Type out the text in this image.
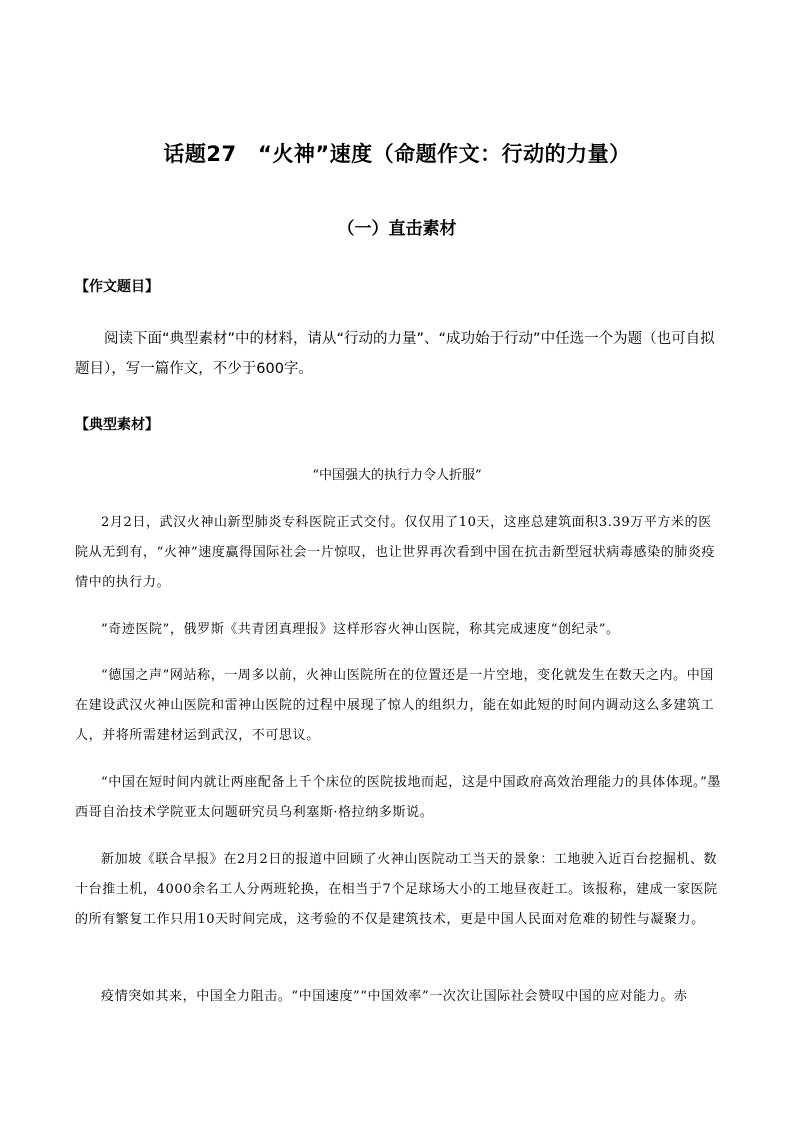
话题27　“火神”速度（命题作文：行动的力量）
（一）直击素材
【作文题目】

阅读下面“典型素材”中的材料，请从“行动的力量”、“成功始于行动”中任选一个为题（也可自拟题目），写一篇作文，不少于600字。

【典型素材】

“中国强大的执行力令人折服”

2月2日，武汉火神山新型肺炎专科医院正式交付。仅仅用了10天，这座总建筑面积3.39万平方米的医院从无到有，“火神”速度赢得国际社会一片惊叹，也让世界再次看到中国在抗击新型冠状病毒感染的肺炎疫情中的执行力。

“奇迹医院”，俄罗斯《共青团真理报》这样形容火神山医院，称其完成速度“创纪录”。

“德国之声”网站称，一周多以前，火神山医院所在的位置还是一片空地，变化就发生在数天之内。中国在建设武汉火神山医院和雷神山医院的过程中展现了惊人的组织力，能在如此短的时间内调动这么多建筑工人，并将所需建材运到武汉，不可思议。

“中国在短时间内就让两座配备上千个床位的医院拔地而起，这是中国政府高效治理能力的具体体现。”墨西哥自治技术学院亚太问题研究员乌利塞斯·格拉纳多斯说。

新加坡《联合早报》在2月2日的报道中回顾了火神山医院动工当天的景象：工地驶入近百台挖掘机、数十台推土机，4000余名工人分两班轮换，在相当于7个足球场大小的工地昼夜赶工。该报称，建成一家医院的所有繁复工作只用10天时间完成，这考验的不仅是建筑技术，更是中国人民面对危难的韧性与凝聚力。

疫情突如其来，中国全力阻击。“中国速度”“中国效率”一次次让国际社会赞叹中国的应对能力。赤
